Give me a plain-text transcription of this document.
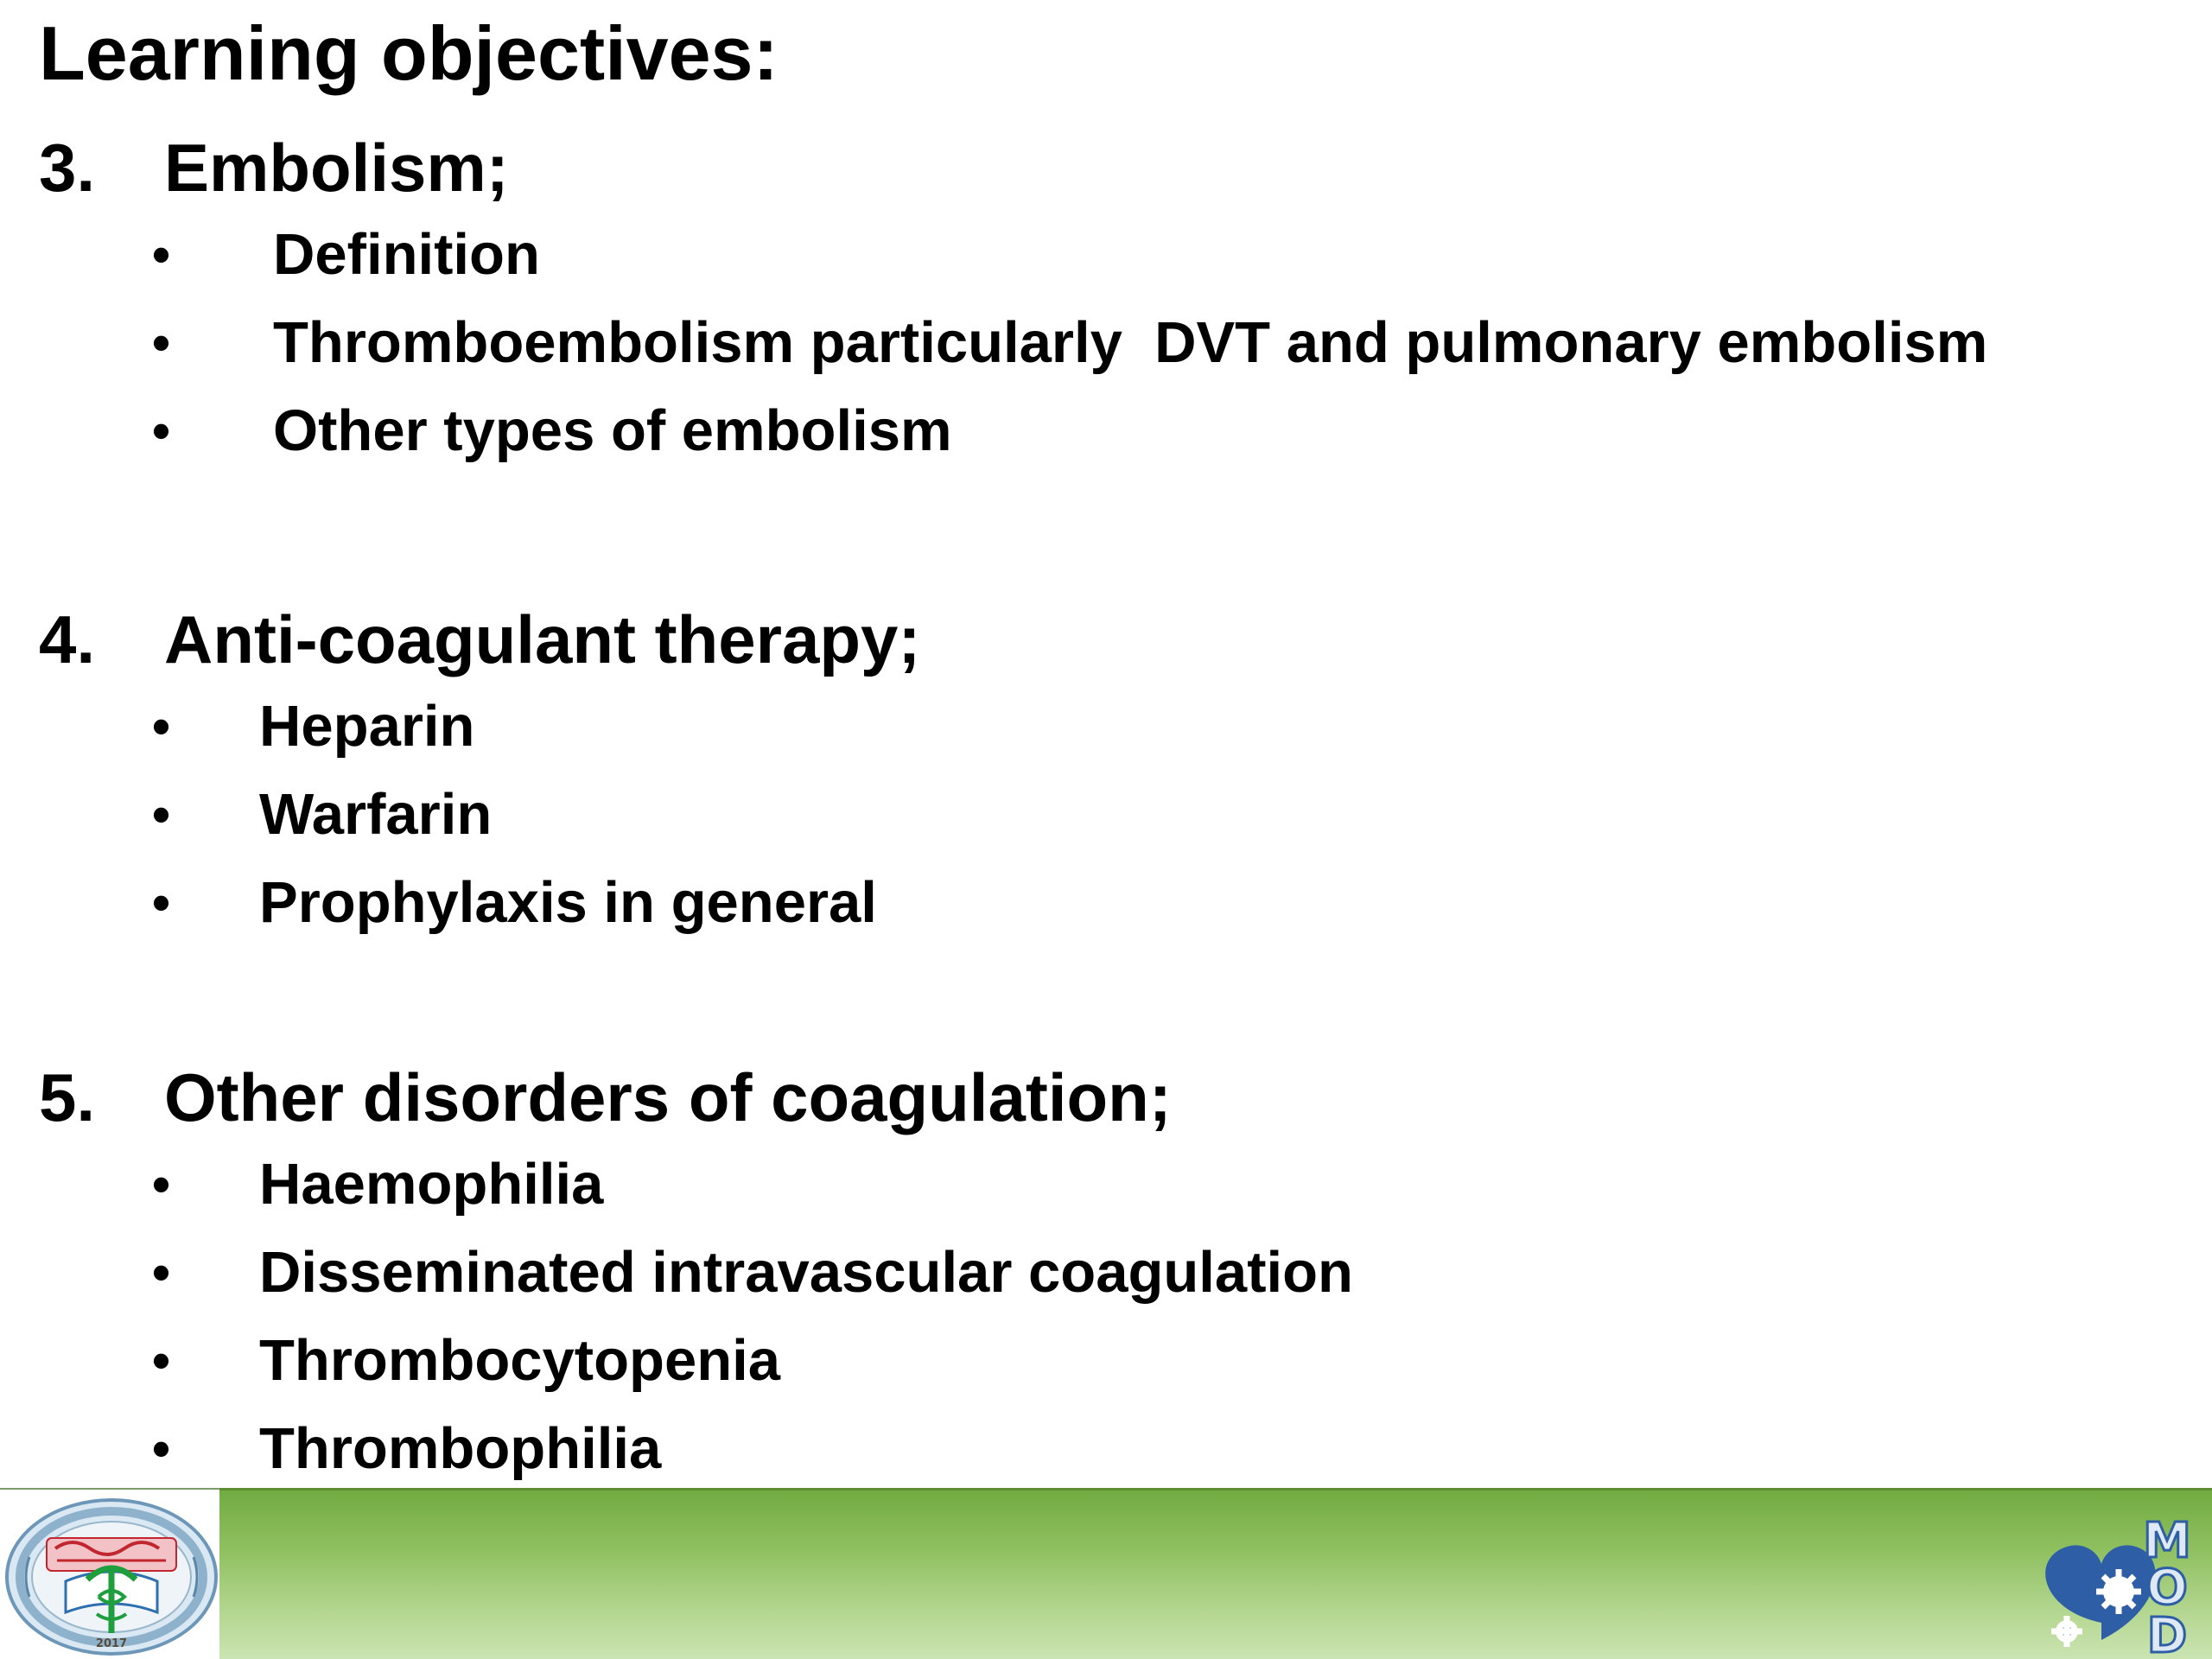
Learning objectives:
3. Embolism;
• Definition
• Thromboembolism particularly  DVT and pulmonary embolism
• Other types of embolism
4. Anti-coagulant therapy;
• Heparin
• Warfarin
• Prophylaxis in general
5. Other disorders of coagulation;
• Haemophilia
• Disseminated intravascular coagulation
• Thrombocytopenia
• Thrombophilia
2017
M
O
D
